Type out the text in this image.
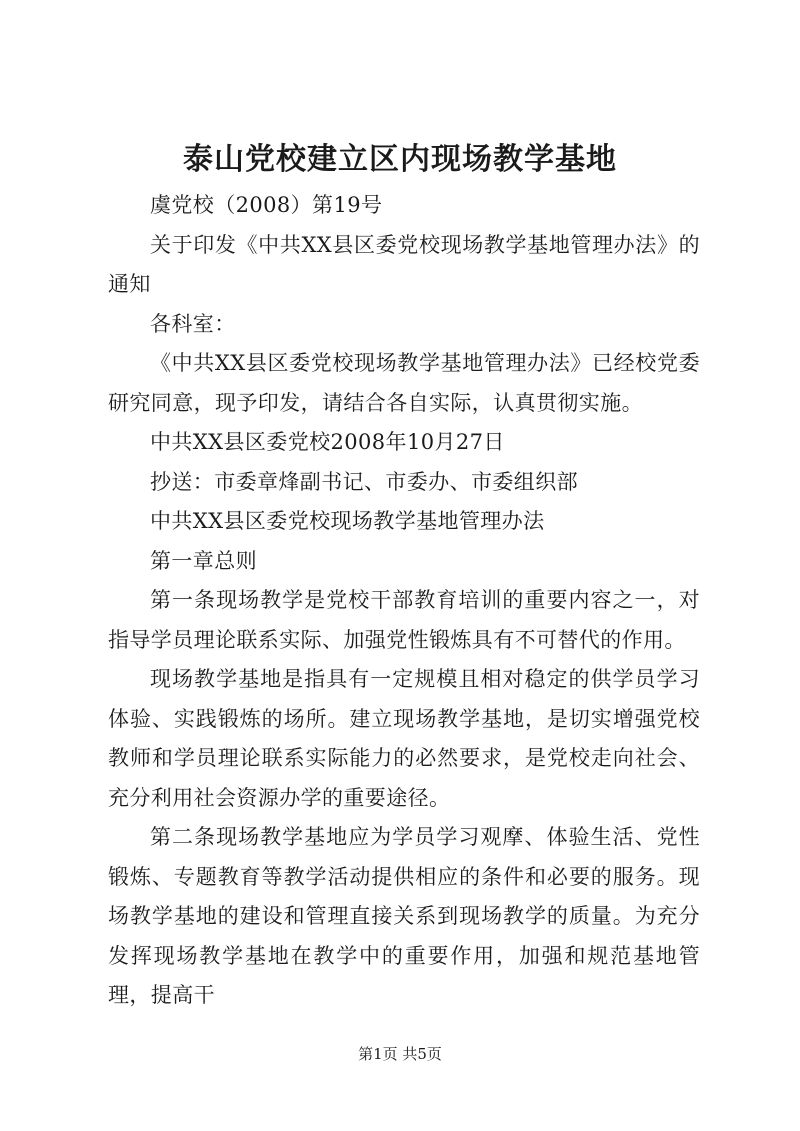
泰山党校建立区内现场教学基地

虞党校（2008）第19号

关于印发《中共XX县区委党校现场教学基地管理办法》的通知

各科室：

《中共XX县区委党校现场教学基地管理办法》已经校党委研究同意，现予印发，请结合各自实际，认真贯彻实施。

中共XX县区委党校2008年10月27日

抄送：市委章烽副书记、市委办、市委组织部

中共XX县区委党校现场教学基地管理办法

第一章总则

第一条现场教学是党校干部教育培训的重要内容之一，对指导学员理论联系实际、加强党性锻炼具有不可替代的作用。

现场教学基地是指具有一定规模且相对稳定的供学员学习体验、实践锻炼的场所。建立现场教学基地，是切实增强党校教师和学员理论联系实际能力的必然要求，是党校走向社会、充分利用社会资源办学的重要途径。

第二条现场教学基地应为学员学习观摩、体验生活、党性锻炼、专题教育等教学活动提供相应的条件和必要的服务。现场教学基地的建设和管理直接关系到现场教学的质量。为充分发挥现场教学基地在教学中的重要作用，加强和规范基地管理，提高干

第1页 共5页
